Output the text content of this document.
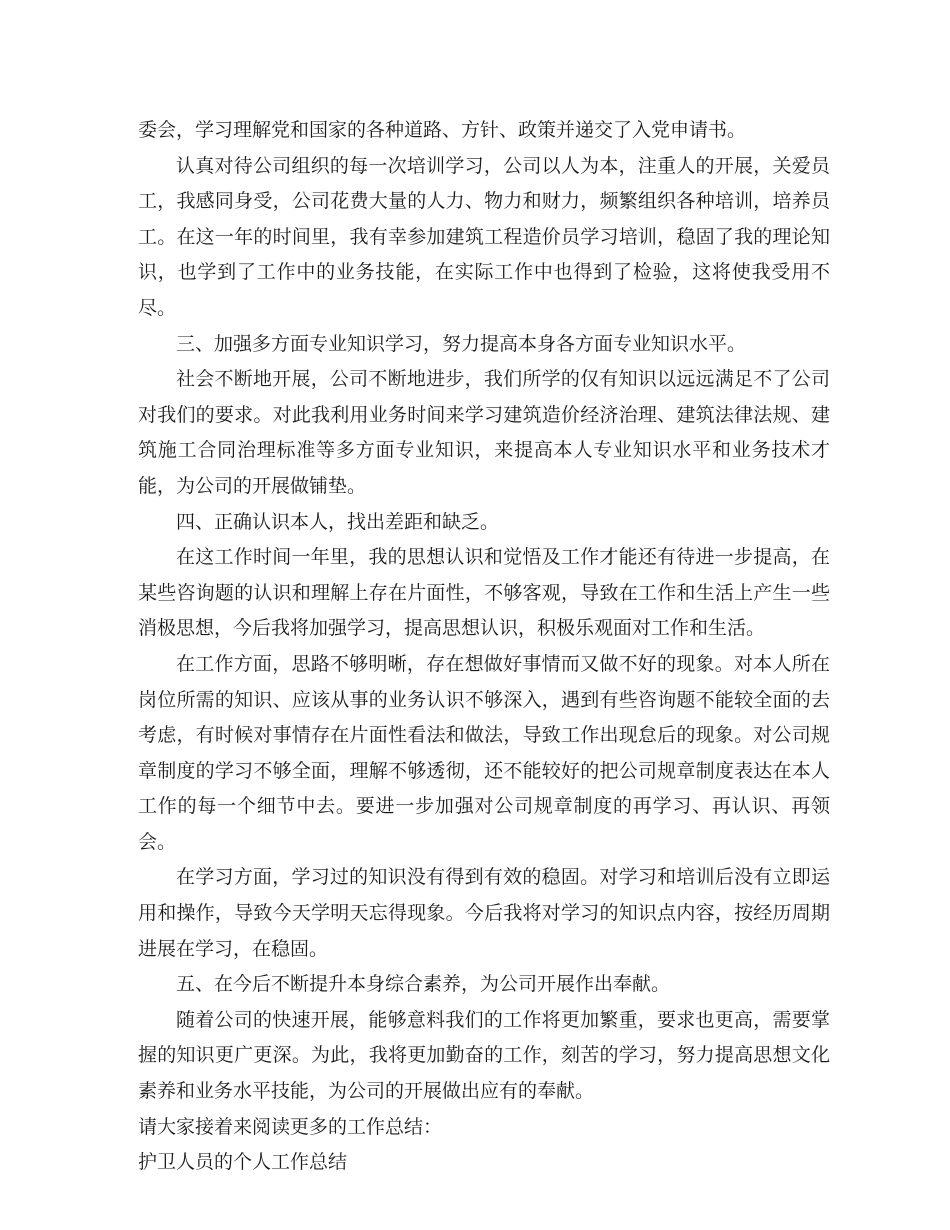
委会，学习理解党和国家的各种道路、方针、政策并递交了入党申请书。

认真对待公司组织的每一次培训学习，公司以人为本，注重人的开展，关爱员工，我感同身受，公司花费大量的人力、物力和财力，频繁组织各种培训，培养员工。在这一年的时间里，我有幸参加建筑工程造价员学习培训，稳固了我的理论知识，也学到了工作中的业务技能，在实际工作中也得到了检验，这将使我受用不尽。

三、加强多方面专业知识学习，努力提高本身各方面专业知识水平。

社会不断地开展，公司不断地进步，我们所学的仅有知识以远远满足不了公司对我们的要求。对此我利用业务时间来学习建筑造价经济治理、建筑法律法规、建筑施工合同治理标准等多方面专业知识，来提高本人专业知识水平和业务技术才能，为公司的开展做铺垫。

四、正确认识本人，找出差距和缺乏。

在这工作时间一年里，我的思想认识和觉悟及工作才能还有待进一步提高，在某些咨询题的认识和理解上存在片面性，不够客观，导致在工作和生活上产生一些消极思想，今后我将加强学习，提高思想认识，积极乐观面对工作和生活。

在工作方面，思路不够明晰，存在想做好事情而又做不好的现象。对本人所在岗位所需的知识、应该从事的业务认识不够深入，遇到有些咨询题不能较全面的去考虑，有时候对事情存在片面性看法和做法，导致工作出现怠后的现象。对公司规章制度的学习不够全面，理解不够透彻，还不能较好的把公司规章制度表达在本人工作的每一个细节中去。要进一步加强对公司规章制度的再学习、再认识、再领会。

在学习方面，学习过的知识没有得到有效的稳固。对学习和培训后没有立即运用和操作，导致今天学明天忘得现象。今后我将对学习的知识点内容，按经历周期进展在学习，在稳固。

五、在今后不断提升本身综合素养，为公司开展作出奉献。

随着公司的快速开展，能够意料我们的工作将更加繁重，要求也更高，需要掌握的知识更广更深。为此，我将更加勤奋的工作，刻苦的学习，努力提高思想文化素养和业务水平技能，为公司的开展做出应有的奉献。

请大家接着来阅读更多的工作总结：

护卫人员的个人工作总结
